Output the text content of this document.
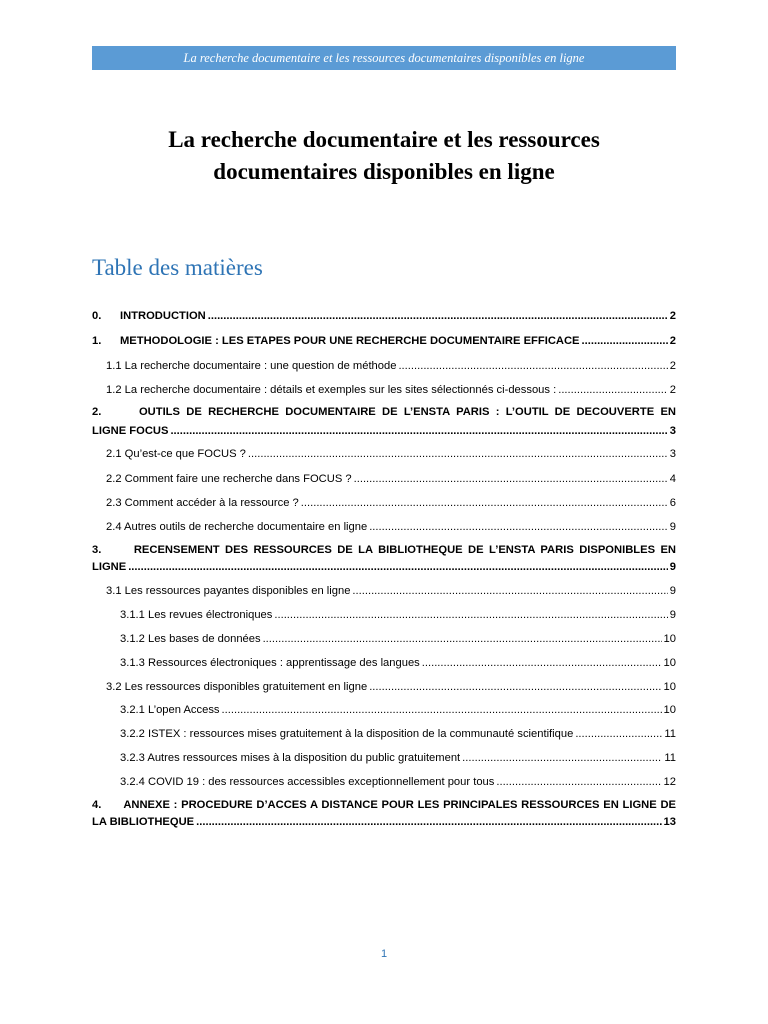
La recherche documentaire et les ressources documentaires disponibles en ligne
La recherche documentaire et les ressources
documentaires disponibles en ligne
Table des matières
0.      INTRODUCTION .....	2
1.      METHODOLOGIE : LES ETAPES POUR UNE RECHERCHE DOCUMENTAIRE EFFICACE .....	2
1.1 La recherche documentaire : une question de méthode .....	2
1.2 La recherche documentaire : détails et exemples sur les sites sélectionnés ci-dessous : .....	2
2.      OUTILS DE RECHERCHE DOCUMENTAIRE DE L’ENSTA PARIS : L’OUTIL DE DECOUVERTE EN
LIGNE FOCUS .....	3
2.1 Qu’est-ce que FOCUS ? .....	3
2.2 Comment faire une recherche dans FOCUS ? .....	4
2.3 Comment accéder à la ressource ? .....	6
2.4 Autres outils de recherche documentaire en ligne .....	9
3.      RECENSEMENT DES RESSOURCES DE LA BIBLIOTHEQUE DE L’ENSTA PARIS DISPONIBLES EN
LIGNE .....	9
3.1 Les ressources payantes disponibles en ligne .....	9
3.1.1 Les revues électroniques .....	9
3.1.2 Les bases de données .....	10
3.1.3 Ressources électroniques : apprentissage des langues .....	10
3.2 Les ressources disponibles gratuitement en ligne .....	10
3.2.1 L’open Access .....	10
3.2.2 ISTEX : ressources mises gratuitement à la disposition de la communauté scientifique .....	11
3.2.3 Autres ressources mises à la disposition du public gratuitement .....	11
3.2.4 COVID 19 : des ressources accessibles exceptionnellement pour tous .....	12
4.      ANNEXE : PROCEDURE D’ACCES A DISTANCE POUR LES PRINCIPALES RESSOURCES EN LIGNE DE
LA BIBLIOTHEQUE .....	13
1
